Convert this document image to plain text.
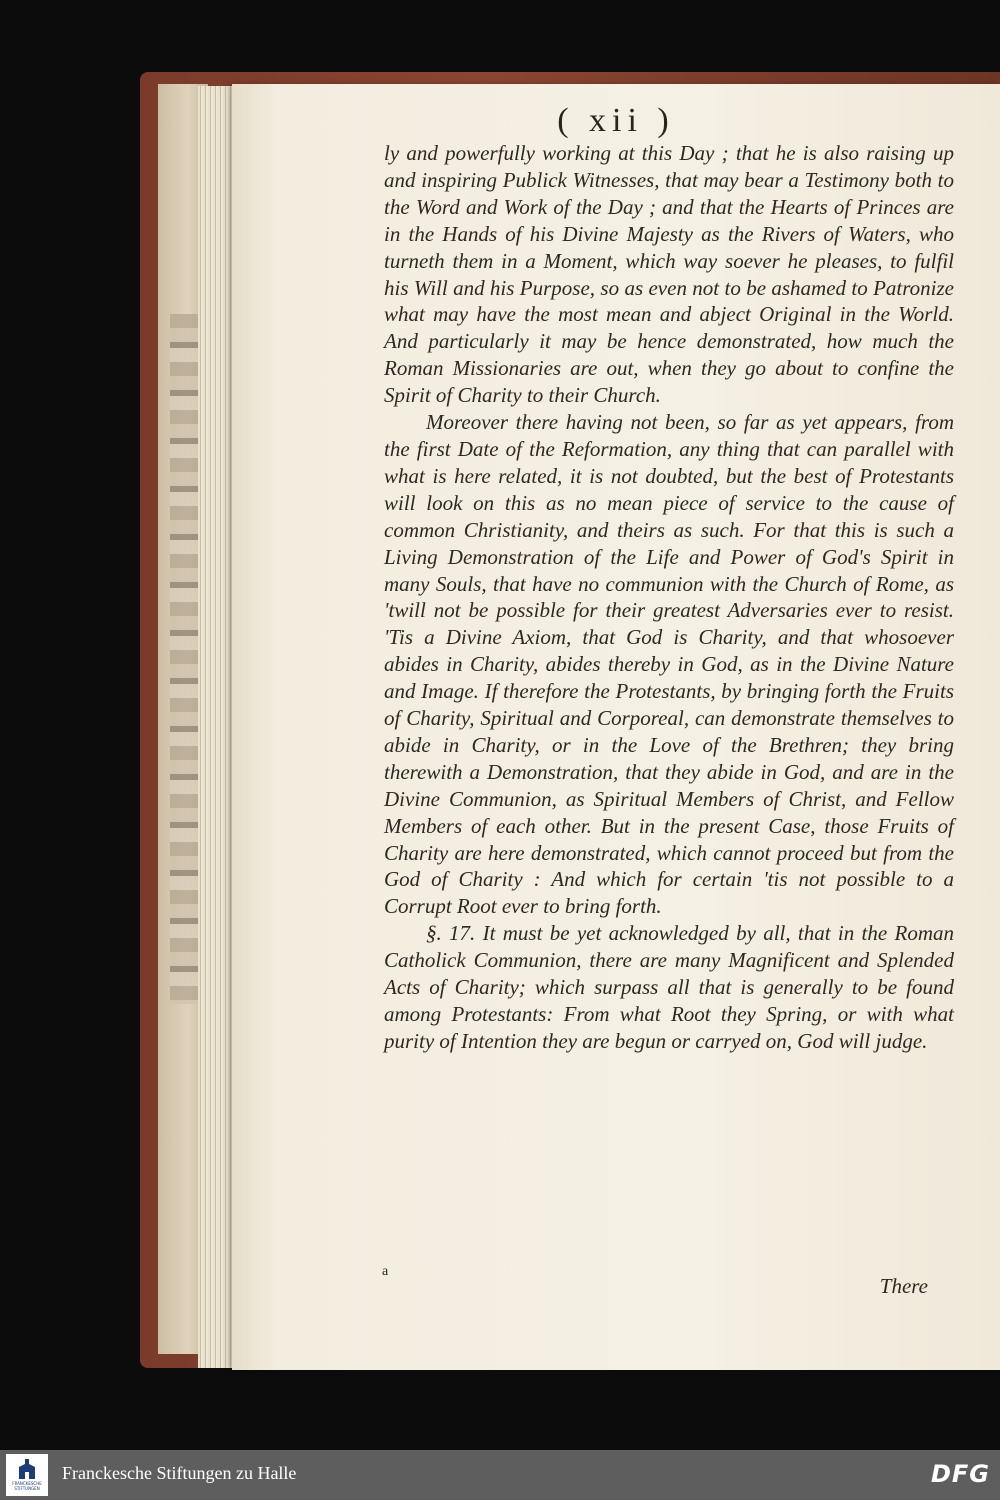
( xii )

ly and powerfully working at this Day ; that he is also raising up and inspiring Publick Witnesses, that may bear a Testimony both to the Word and Work of the Day ; and that the Hearts of Princes are in the Hands of his Divine Majesty as the Rivers of Waters, who turneth them in a Moment, which way soever he pleases, to fulfil his Will and his Purpose, so as even not to be ashamed to Patronize what may have the most mean and abject Original in the World. And particularly it may be hence demonstrated, how much the Roman Missionaries are out, when they go about to confine the Spirit of Charity to their Church.

Moreover there having not been, so far as yet appears, from the first Date of the Reformation, any thing that can parallel with what is here related, it is not doubted, but the best of Protestants will look on this as no mean piece of service to the cause of common Christianity, and theirs as such. For that this is such a Living Demonstration of the Life and Power of God's Spirit in many Souls, that have no communion with the Church of Rome, as 'twill not be possible for their greatest Adversaries ever to resist. 'Tis a Divine Axiom, that God is Charity, and that whosoever abides in Charity, abides thereby in God, as in the Divine Nature and Image. If therefore the Protestants, by bringing forth the Fruits of Charity, Spiritual and Corporeal, can demonstrate themselves to abide in Charity, or in the Love of the Brethren; they bring therewith a Demonstration, that they abide in God, and are in the Divine Communion, as Spiritual Members of Christ, and Fellow Members of each other. But in the present Case, those Fruits of Charity are here demonstrated, which cannot proceed but from the God of Charity : And which for certain 'tis not possible to a Corrupt Root ever to bring forth.

§. 17. It must be yet acknowledged by all, that in the Roman Catholick Communion, there are many Magnificent and Splended Acts of Charity; which surpass all that is generally to be found among Protestants: From what Root they Spring, or with what purity of Intention they are begun or carryed on, God will judge.

a
There
FRANCKESCHE STIFTUNGEN
Franckesche Stiftungen zu Halle	DFG
